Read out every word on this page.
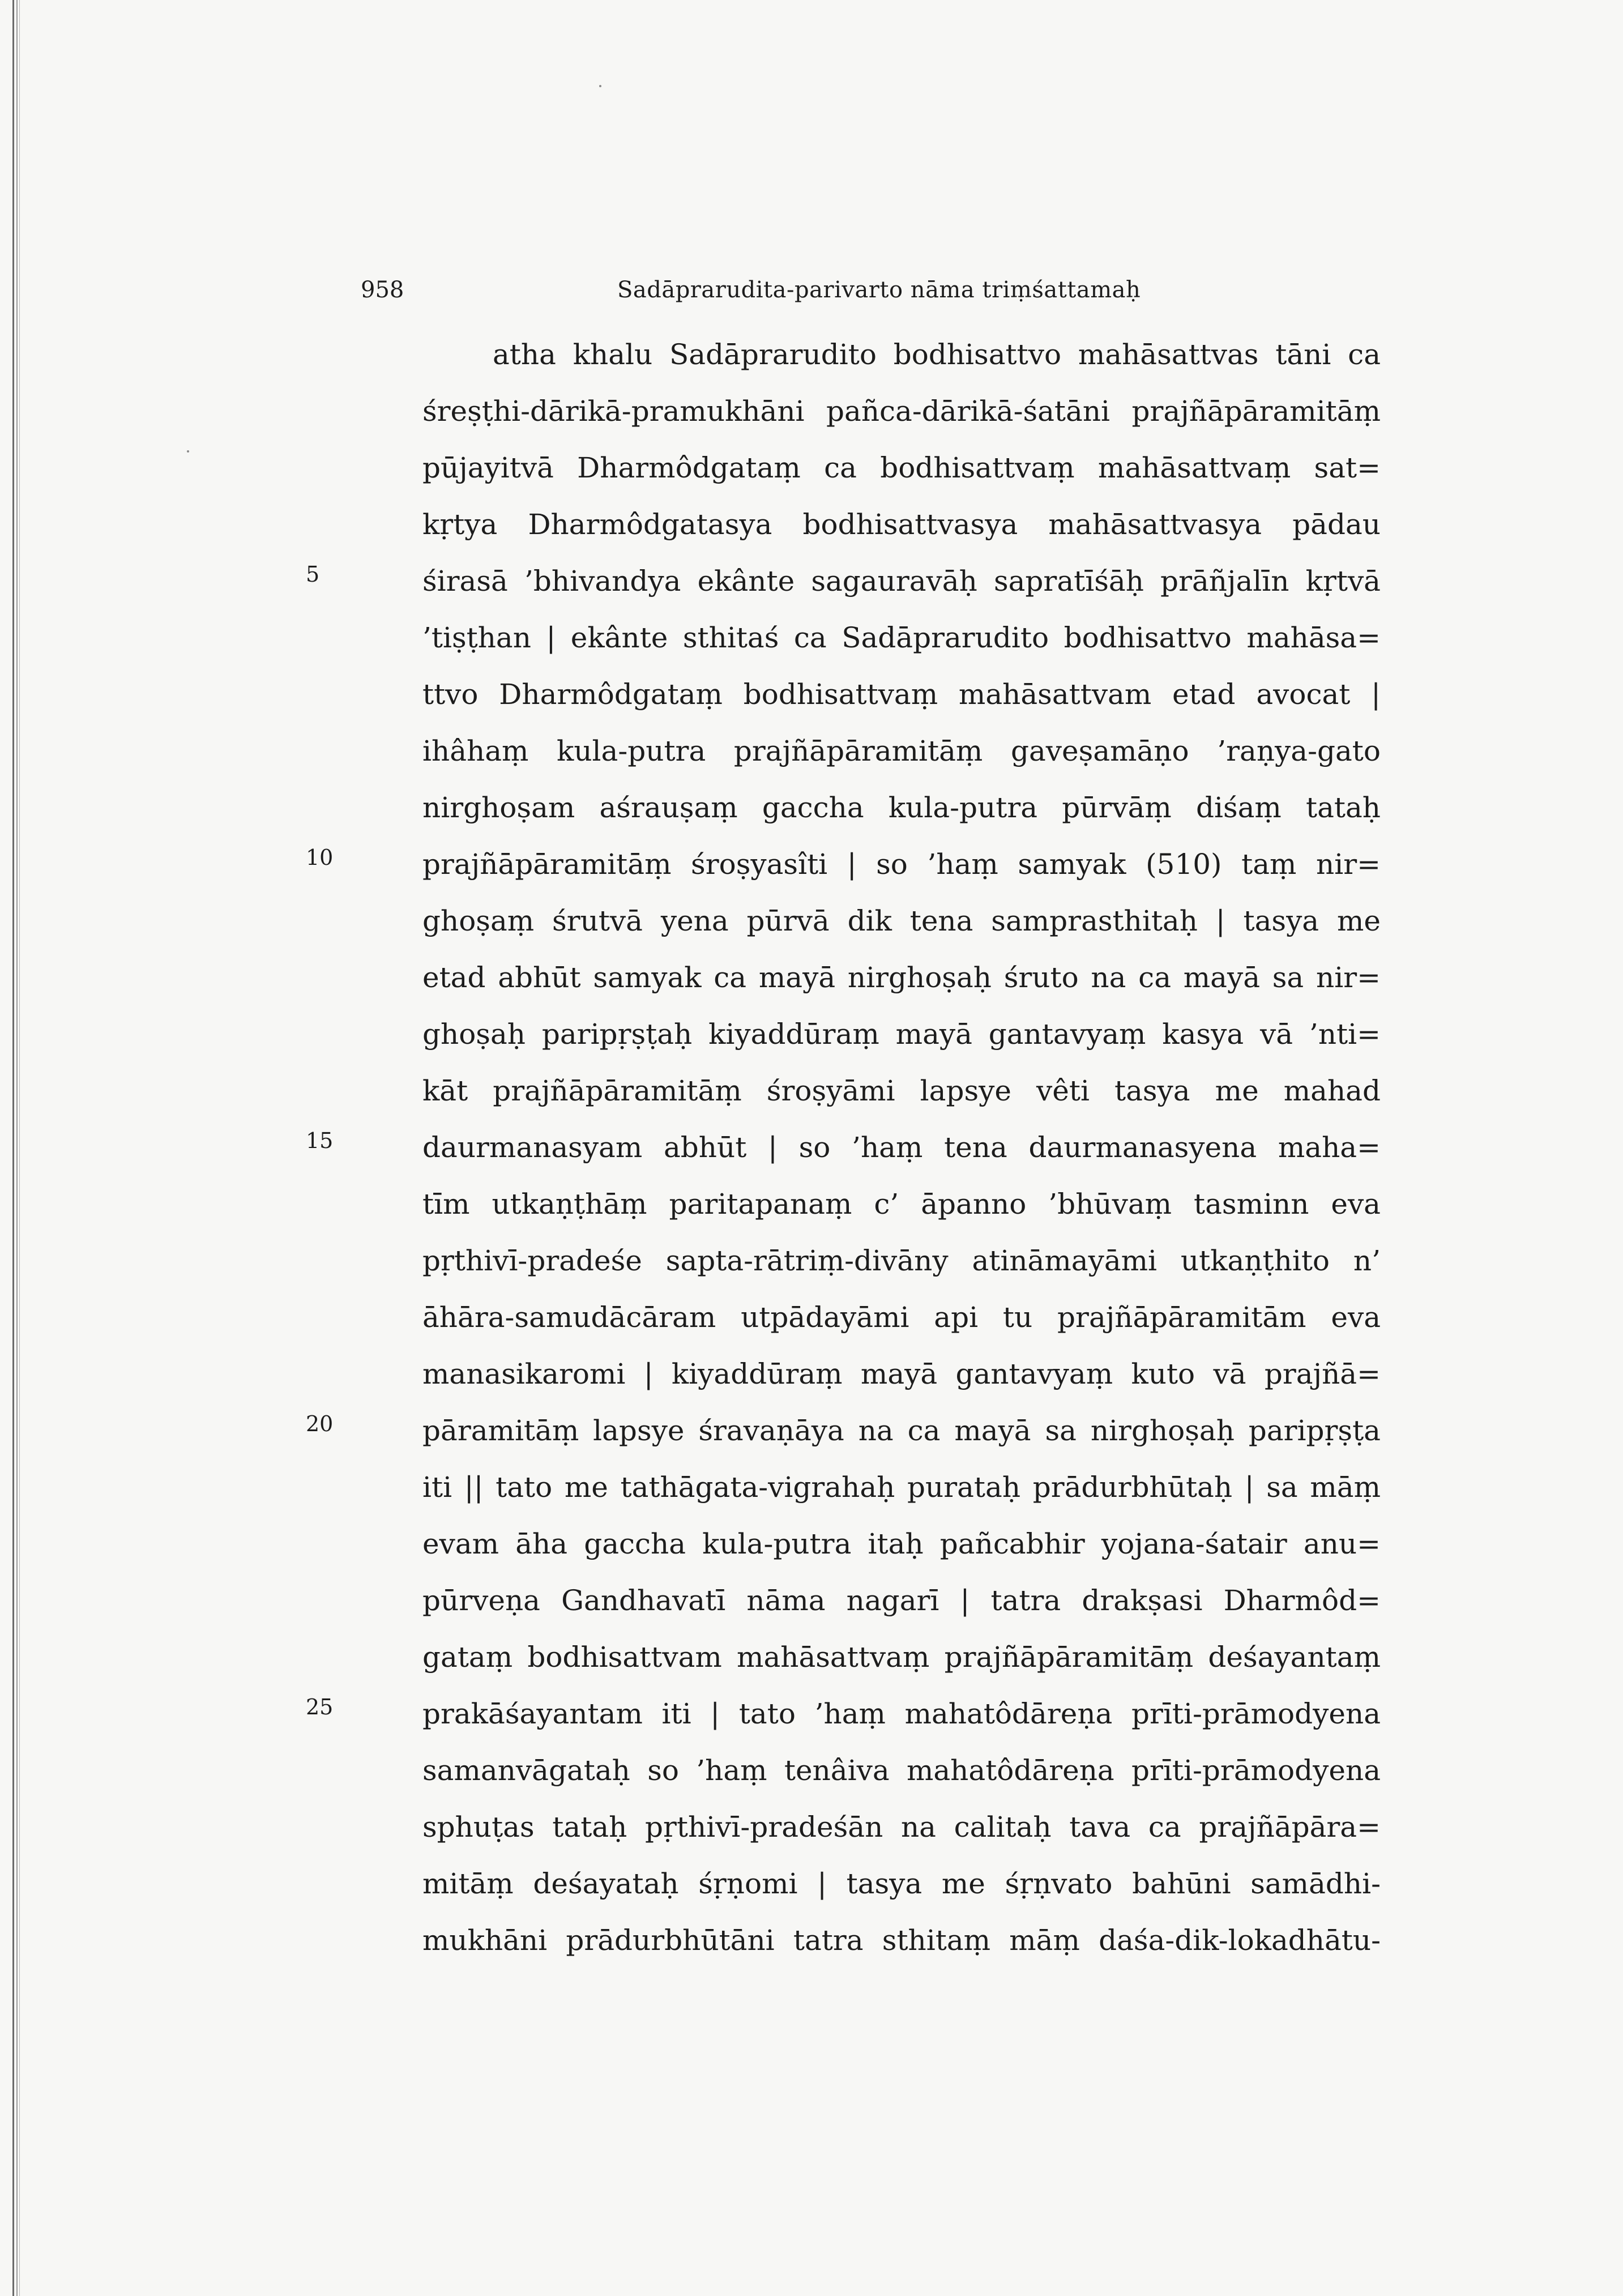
958	Sadāprarudita-parivarto nāma triṃśattamaḥ

5
10
15
20
25
atha khalu Sadāprarudito bodhisattvo mahāsattvas tāni ca
śreṣṭhi-dārikā-pramukhāni pañca-dārikā-śatāni prajñāpāramitāṃ
pūjayitvā Dharmôdgataṃ ca bodhisattvaṃ mahāsattvaṃ sat=
kṛtya Dharmôdgatasya bodhisattvasya mahāsattvasya pādau
śirasā ’bhivandya ekânte sagauravāḥ sapratīśāḥ prāñjalīn kṛtvā
’tiṣṭhan | ekânte sthitaś ca Sadāprarudito bodhisattvo mahāsa=
ttvo Dharmôdgataṃ bodhisattvaṃ mahāsattvam etad avocat |
ihâhaṃ kula-putra prajñāpāramitāṃ gaveṣamāṇo ’raṇya-gato
nirghoṣam aśrauṣaṃ gaccha kula-putra pūrvāṃ diśaṃ tataḥ
prajñāpāramitāṃ śroṣyasîti | so ’haṃ samyak (510) taṃ nir=
ghoṣaṃ śrutvā yena pūrvā dik tena samprasthitaḥ | tasya me
etad abhūt samyak ca mayā nirghoṣaḥ śruto na ca mayā sa nir=
ghoṣaḥ paripṛṣṭaḥ kiyaddūraṃ mayā gantavyaṃ kasya vā ’nti=
kāt prajñāpāramitāṃ śroṣyāmi lapsye vêti tasya me mahad
daurmanasyam abhūt | so ’haṃ tena daurmanasyena maha=
tīm utkaṇṭhāṃ paritapanaṃ c’ āpanno ’bhūvaṃ tasminn eva
pṛthivī-pradeśe sapta-rātriṃ-divāny atināmayāmi utkaṇṭhito n’
āhāra-samudācāram utpādayāmi api tu prajñāpāramitām eva
manasikaromi | kiyaddūraṃ mayā gantavyaṃ kuto vā prajñā=
pāramitāṃ lapsye śravaṇāya na ca mayā sa nirghoṣaḥ paripṛṣṭa
iti || tato me tathāgata-vigrahaḥ purataḥ prādurbhūtaḥ | sa māṃ
evam āha gaccha kula-putra itaḥ pañcabhir yojana-śatair anu=
pūrveṇa Gandhavatī nāma nagarī | tatra drakṣasi Dharmôd=
gataṃ bodhisattvam mahāsattvaṃ prajñāpāramitāṃ deśayantaṃ
prakāśayantam iti | tato ’haṃ mahatôdāreṇa prīti-prāmodyena
samanvāgataḥ so ’haṃ tenâiva mahatôdāreṇa prīti-prāmodyena
sphuṭas tataḥ pṛthivī-pradeśān na calitaḥ tava ca prajñāpāra=
mitāṃ deśayataḥ śṛṇomi | tasya me śṛṇvato bahūni samādhi-
mukhāni prādurbhūtāni tatra sthitaṃ māṃ daśa-dik-lokadhātu-
